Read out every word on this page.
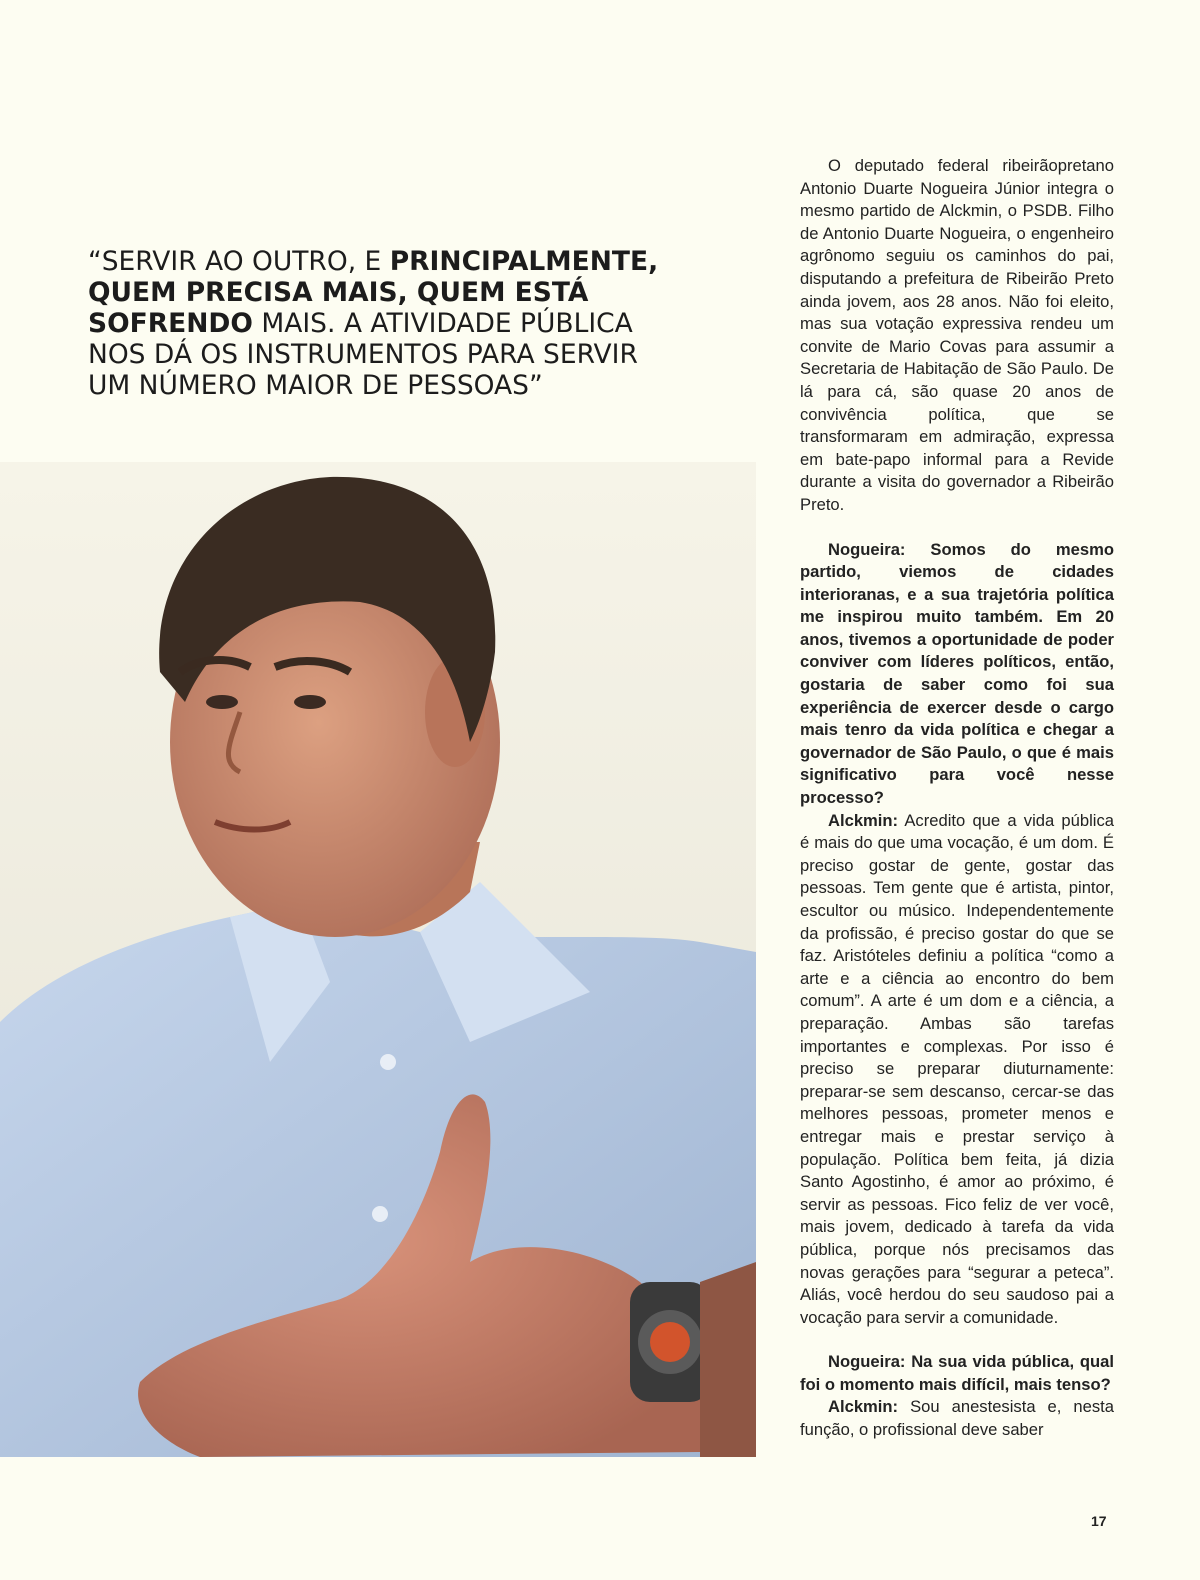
“SERVIR AO OUTRO, E PRINCIPALMENTE, QUEM PRECISA MAIS, QUEM ESTÁ SOFRENDO MAIS. A ATIVIDADE PÚBLICA NOS DÁ OS INSTRUMENTOS PARA SERVIR UM NÚMERO MAIOR DE PESSOAS”

O deputado federal ribeirãopretano Antonio Duarte Nogueira Júnior integra o mesmo partido de Alckmin, o PSDB. Filho de Antonio Duarte Nogueira, o engenheiro agrônomo seguiu os caminhos do pai, disputando a prefeitura de Ribeirão Preto ainda jovem, aos 28 anos. Não foi eleito, mas sua votação expressiva rendeu um convite de Mario Covas para assumir a Secretaria de Habitação de São Paulo. De lá para cá, são quase 20 anos de convivência política, que se transformaram em admiração, expressa em bate-papo informal para a Revide durante a visita do governador a Ribeirão Preto.

Nogueira: Somos do mesmo partido, viemos de cidades interioranas, e a sua trajetória política me inspirou muito também. Em 20 anos, tivemos a oportunidade de poder conviver com líderes políticos, então, gostaria de saber como foi sua experiência de exercer desde o cargo mais tenro da vida política e chegar a governador de São Paulo, o que é mais significativo para você nesse processo?

Alckmin: Acredito que a vida pública é mais do que uma vocação, é um dom. É preciso gostar de gente, gostar das pessoas. Tem gente que é artista, pintor, escultor ou músico. Independentemente da profissão, é preciso gostar do que se faz. Aristóteles definiu a política “como a arte e a ciência ao encontro do bem comum”. A arte é um dom e a ciência, a preparação. Ambas são tarefas importantes e complexas. Por isso é preciso se preparar diuturnamente: preparar-se sem descanso, cercar-se das melhores pessoas, prometer menos e entregar mais e prestar serviço à população. Política bem feita, já dizia Santo Agostinho, é amor ao próximo, é servir as pessoas. Fico feliz de ver você, mais jovem, dedicado à tarefa da vida pública, porque nós precisamos das novas gerações para “segurar a peteca”. Aliás, você herdou do seu saudoso pai a vocação para servir a comunidade.

Nogueira: Na sua vida pública, qual foi o momento mais difícil, mais tenso?

Alckmin: Sou anestesista e, nesta função, o profissional deve saber

17
